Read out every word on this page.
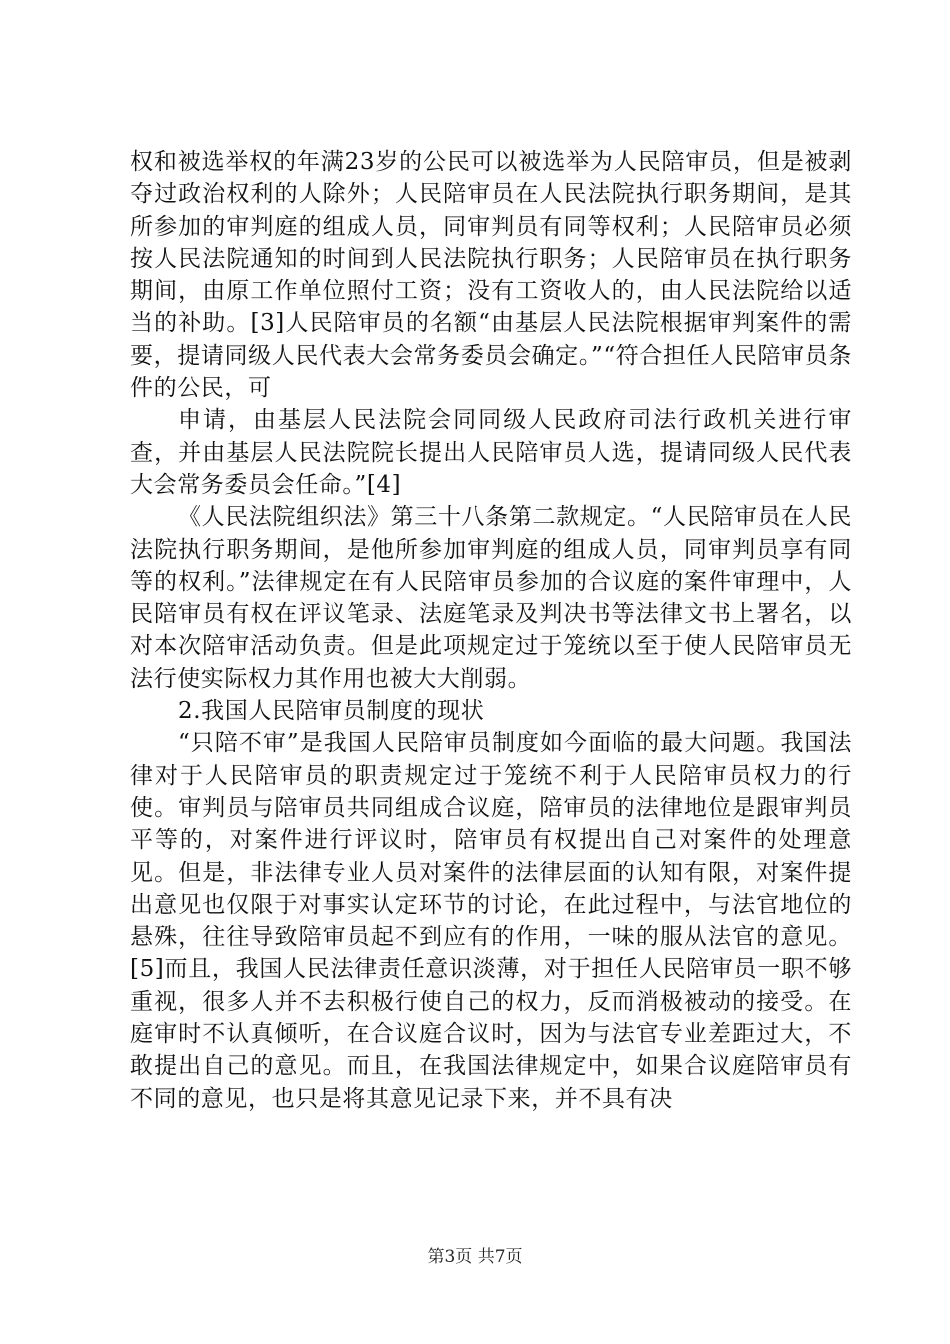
权和被选举权的年满23岁的公民可以被选举为人民陪审员，但是被剥夺过政治权利的人除外；人民陪审员在人民法院执行职务期间，是其所参加的审判庭的组成人员，同审判员有同等权利；人民陪审员必须按人民法院通知的时间到人民法院执行职务；人民陪审员在执行职务期间，由原工作单位照付工资；没有工资收人的，由人民法院给以适当的补助。[3]人民陪审员的名额“由基层人民法院根据审判案件的需要，提请同级人民代表大会常务委员会确定。”“符合担任人民陪审员条件的公民，可

申请，由基层人民法院会同同级人民政府司法行政机关进行审查，并由基层人民法院院长提出人民陪审员人选，提请同级人民代表大会常务委员会任命。”[4]

《人民法院组织法》第三十八条第二款规定。“人民陪审员在人民法院执行职务期间，是他所参加审判庭的组成人员，同审判员享有同等的权利。”法律规定在有人民陪审员参加的合议庭的案件审理中，人民陪审员有权在评议笔录、法庭笔录及判决书等法律文书上署名，以对本次陪审活动负责。但是此项规定过于笼统以至于使人民陪审员无法行使实际权力其作用也被大大削弱。

2.我国人民陪审员制度的现状

“只陪不审”是我国人民陪审员制度如今面临的最大问题。我国法律对于人民陪审员的职责规定过于笼统不利于人民陪审员权力的行使。审判员与陪审员共同组成合议庭，陪审员的法律地位是跟审判员平等的，对案件进行评议时，陪审员有权提出自己对案件的处理意见。但是，非法律专业人员对案件的法律层面的认知有限，对案件提出意见也仅限于对事实认定环节的讨论，在此过程中，与法官地位的悬殊，往往导致陪审员起不到应有的作用，一味的服从法官的意见。[5]而且，我国人民法律责任意识淡薄，对于担任人民陪审员一职不够重视，很多人并不去积极行使自己的权力，反而消极被动的接受。在庭审时不认真倾听，在合议庭合议时，因为与法官专业差距过大，不敢提出自己的意见。而且，在我国法律规定中，如果合议庭陪审员有不同的意见，也只是将其意见记录下来，并不具有决

第3页 共7页
